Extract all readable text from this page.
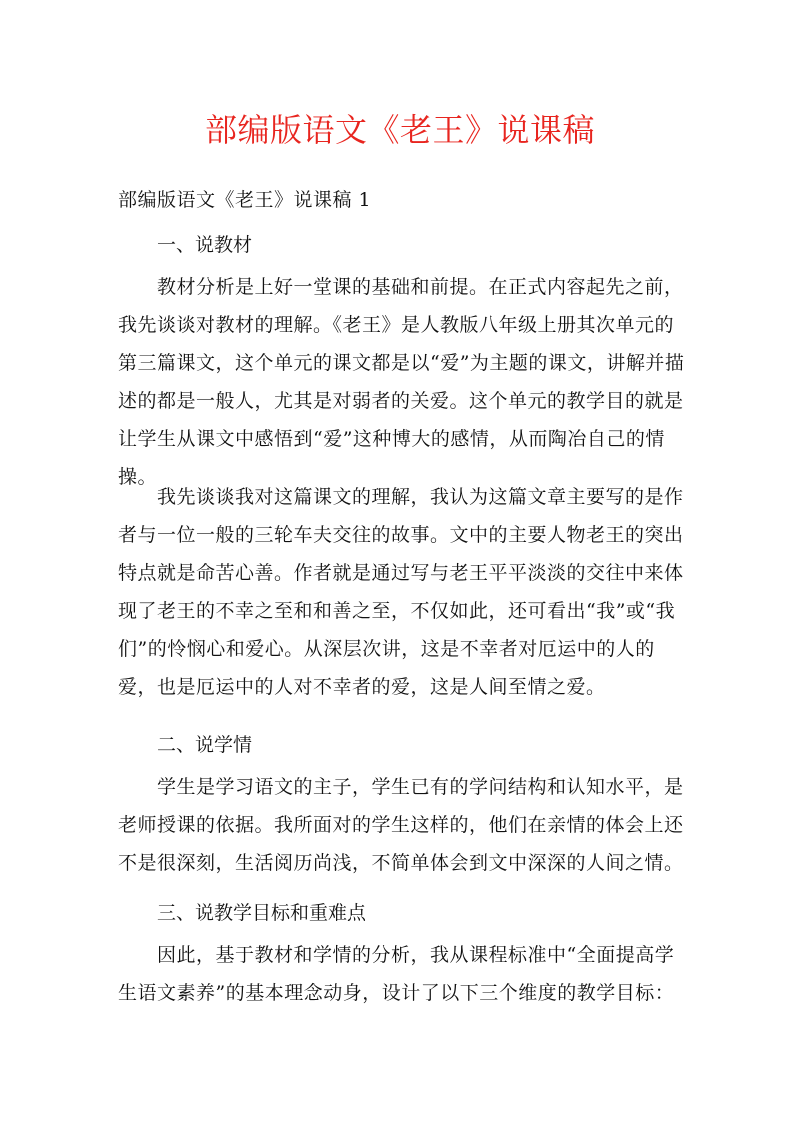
部编版语文《老王》说课稿
部编版语文《老王》说课稿 1
一、说教材
教材分析是上好一堂课的基础和前提。在正式内容起先之前，我先谈谈对教材的理解。《老王》是人教版八年级上册其次单元的第三篇课文，这个单元的课文都是以“爱”为主题的课文，讲解并描述的都是一般人，尤其是对弱者的关爱。这个单元的教学目的就是让学生从课文中感悟到“爱”这种博大的感情，从而陶冶自己的情操。
我先谈谈我对这篇课文的理解，我认为这篇文章主要写的是作者与一位一般的三轮车夫交往的故事。文中的主要人物老王的突出特点就是命苦心善。作者就是通过写与老王平平淡淡的交往中来体现了老王的不幸之至和和善之至，不仅如此，还可看出“我”或“我们”的怜悯心和爱心。从深层次讲，这是不幸者对厄运中的人的爱，也是厄运中的人对不幸者的爱，这是人间至情之爱。
二、说学情
学生是学习语文的主子，学生已有的学问结构和认知水平，是老师授课的依据。我所面对的学生这样的，他们在亲情的体会上还不是很深刻，生活阅历尚浅，不简单体会到文中深深的人间之情。
三、说教学目标和重难点
因此，基于教材和学情的分析，我从课程标准中“全面提高学生语文素养”的基本理念动身，设计了以下三个维度的教学目标：
